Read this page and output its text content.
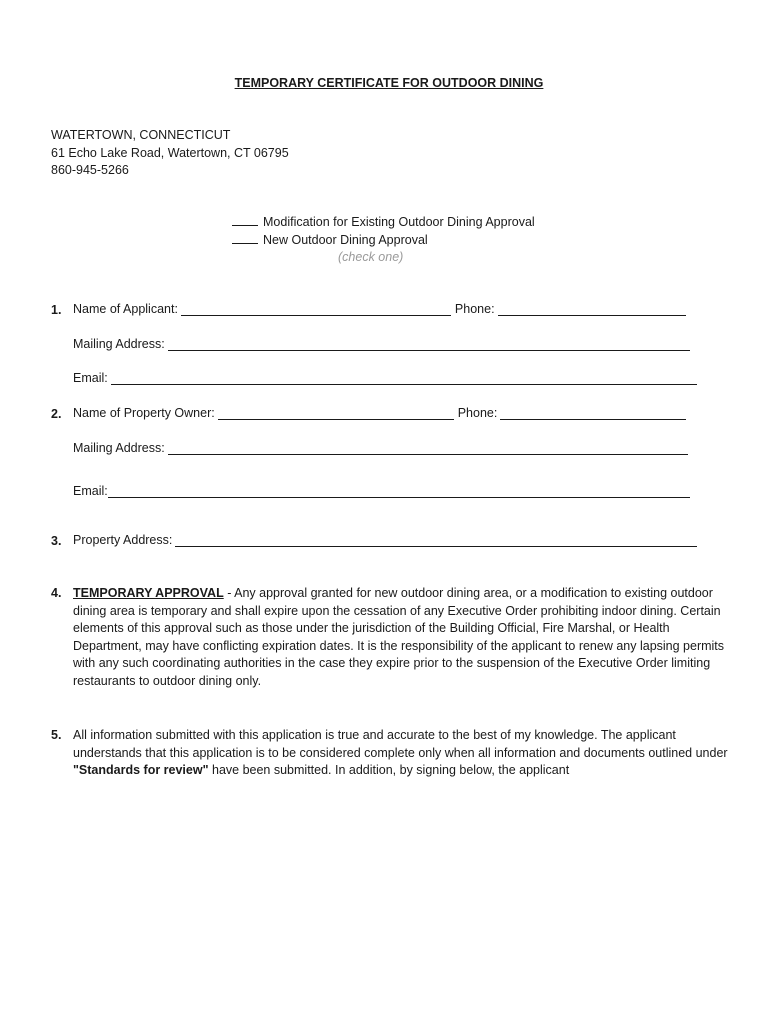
TEMPORARY CERTIFICATE FOR OUTDOOR DINING
WATERTOWN, CONNECTICUT
61 Echo Lake Road, Watertown, CT 06795
860-945-5266
Modification for Existing Outdoor Dining Approval
New Outdoor Dining Approval
(check one)
1. Name of Applicant:	Phone:
Mailing Address:
Email:
2. Name of Property Owner:	Phone:
Mailing Address:
Email:
3. Property Address:
4. TEMPORARY APPROVAL - Any approval granted for new outdoor dining area, or a modification to existing outdoor dining area is temporary and shall expire upon the cessation of any Executive Order prohibiting indoor dining. Certain elements of this approval such as those under the jurisdiction of the Building Official, Fire Marshal, or Health Department, may have conflicting expiration dates. It is the responsibility of the applicant to renew any lapsing permits with any such coordinating authorities in the case they expire prior to the suspension of the Executive Order limiting restaurants to outdoor dining only.
5. All information submitted with this application is true and accurate to the best of my knowledge. The applicant understands that this application is to be considered complete only when all information and documents outlined under "Standards for review" have been submitted. In addition, by signing below, the applicant
